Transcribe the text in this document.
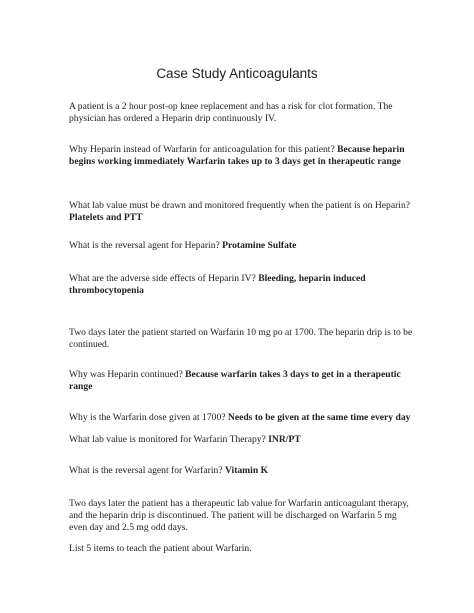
Case Study Anticoagulants
A patient is a 2 hour post-op knee replacement and has a risk for clot formation. The
physician has ordered a Heparin drip continuously IV.
Why Heparin instead of Warfarin for anticoagulation for this patient? Because heparin
begins working immediately Warfarin takes up to 3 days get in therapeutic range
What lab value must be drawn and monitored frequently when the patient is on Heparin?
Platelets and PTT
What is the reversal agent for Heparin? Protamine Sulfate
What are the adverse side effects of Heparin IV? Bleeding, heparin induced
thrombocytopenia
Two days later the patient started on Warfarin 10 mg po at 1700. The heparin drip is to be
continued.
Why was Heparin continued? Because warfarin takes 3 days to get in a therapeutic
range
Why is the Warfarin dose given at 1700? Needs to be given at the same time every day
What lab value is monitored for Warfarin Therapy? INR/PT
What is the reversal agent for Warfarin? Vitamin K
Two days later the patient has a therapeutic lab value for Warfarin anticoagulant therapy,
and the heparin drip is discontinued. The patient will be discharged on Warfarin 5 mg
even day and 2.5 mg odd days.
List 5 items to teach the patient about Warfarin.
